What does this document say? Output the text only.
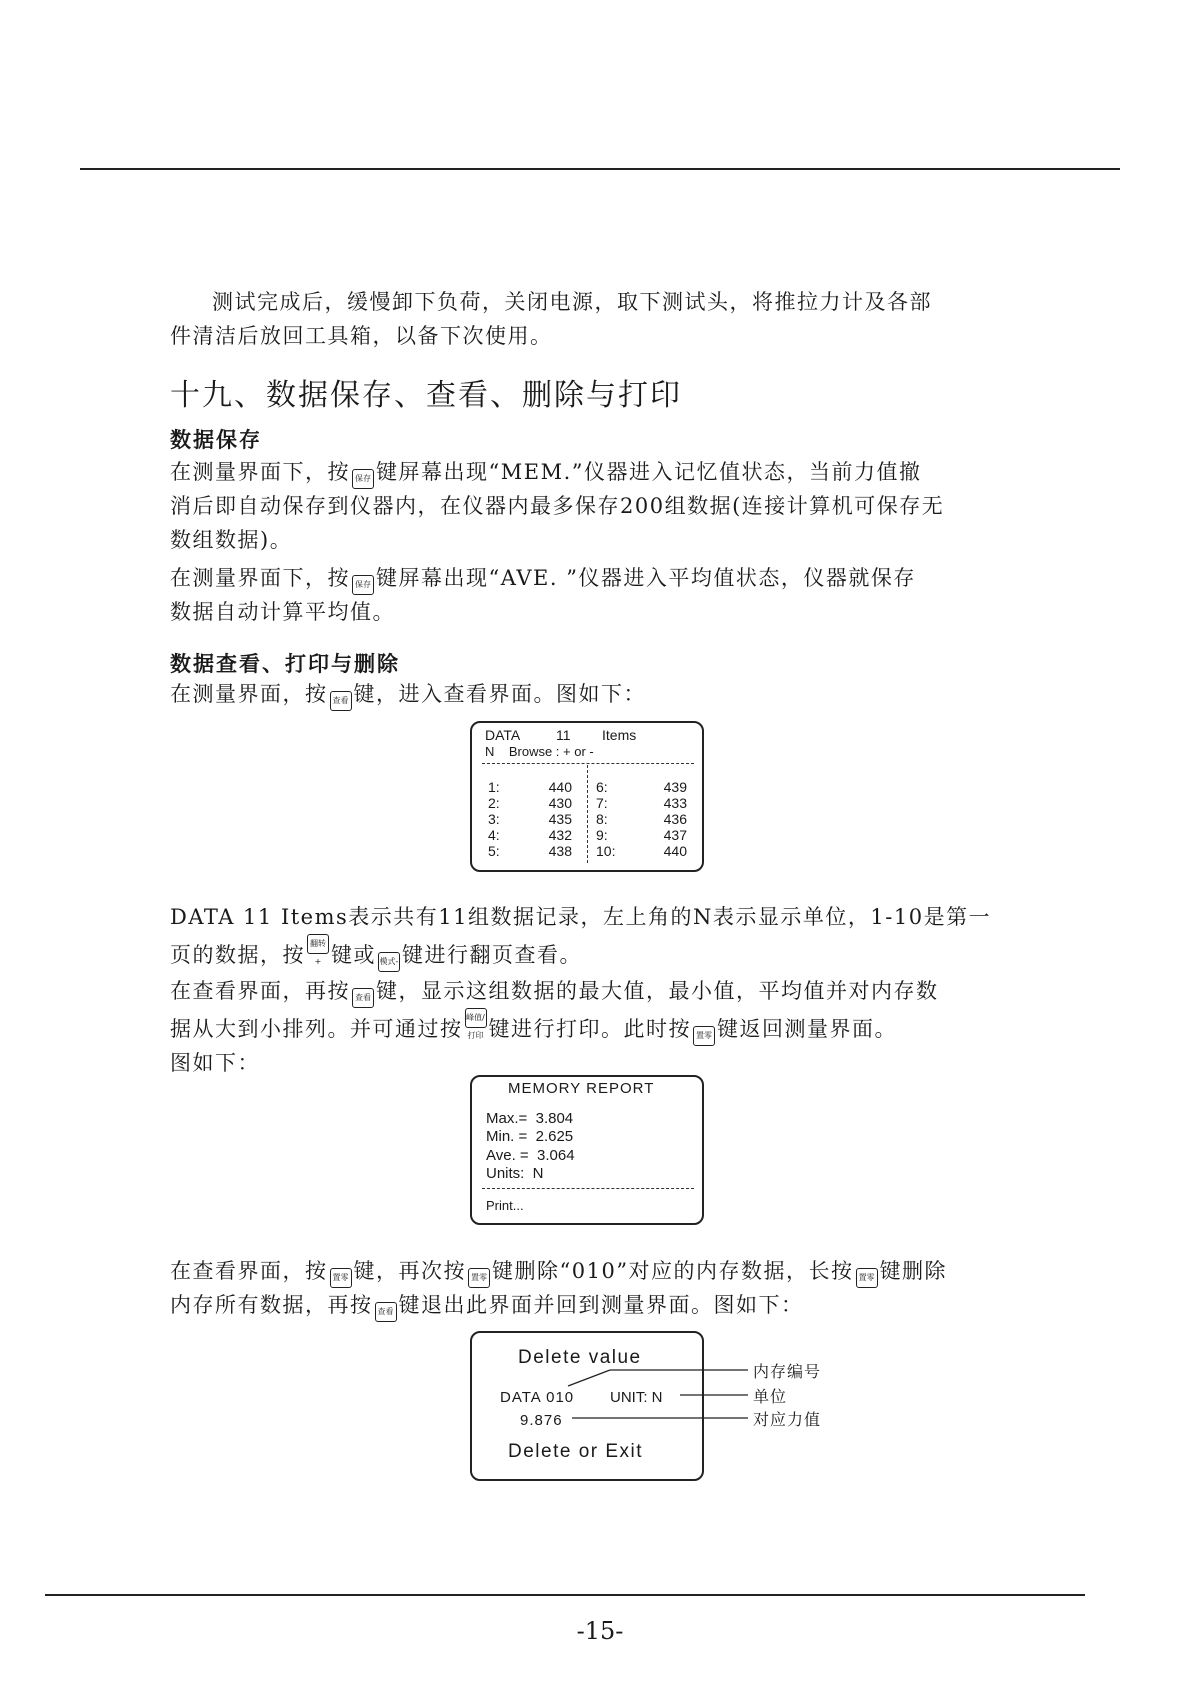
测试完成后，缓慢卸下负荷，关闭电源，取下测试头，将推拉力计及各部
件清洁后放回工具箱，以备下次使用。
十九、数据保存、查看、删除与打印
数据保存
在测量界面下，按 保存 键屏幕出现“MEM.”仪器进入记忆值状态，当前力值撤
消后即自动保存到仪器内，在仪器内最多保存200组数据(连接计算机可保存无
数组数据)。
在测量界面下，按 保存 键屏幕出现“AVE. ”仪器进入平均值状态，仪器就保存
数据自动计算平均值。
数据查看、打印与删除
在测量界面，按 查看 键，进入查看界面。图如下：
DATA	11 Items
N    Browse : + or -
1:
2:
3:
4:
5:
440
430
435
432
438
6:
7:
8:
9:
10:
439
433
436
437
440
DATA 11 Items表示共有11组数据记录，左上角的N表示显示单位，1-10是第一
页的数据，按 翻转+ 键或 模式- 键进行翻页查看。
在查看界面，再按 查看 键，显示这组数据的最大值，最小值，平均值并对内存数
据从大到小排列。并可通过按 峰值/打印 键进行打印。此时按 置零 键返回测量界面。
图如下：
MEMORY REPORT
Max.=  3.804
Min. =  2.625
Ave. =  3.064
Units:  N
Print...
在查看界面，按 置零 键，再次按 置零 键删除“010”对应的内存数据，长按 置零 键删除
内存所有数据，再按 查看 键退出此界面并回到测量界面。图如下：
Delete value
DATA 010 UNIT: N
9.876
Delete or Exit
内存编号
单位
对应力值
-15-
